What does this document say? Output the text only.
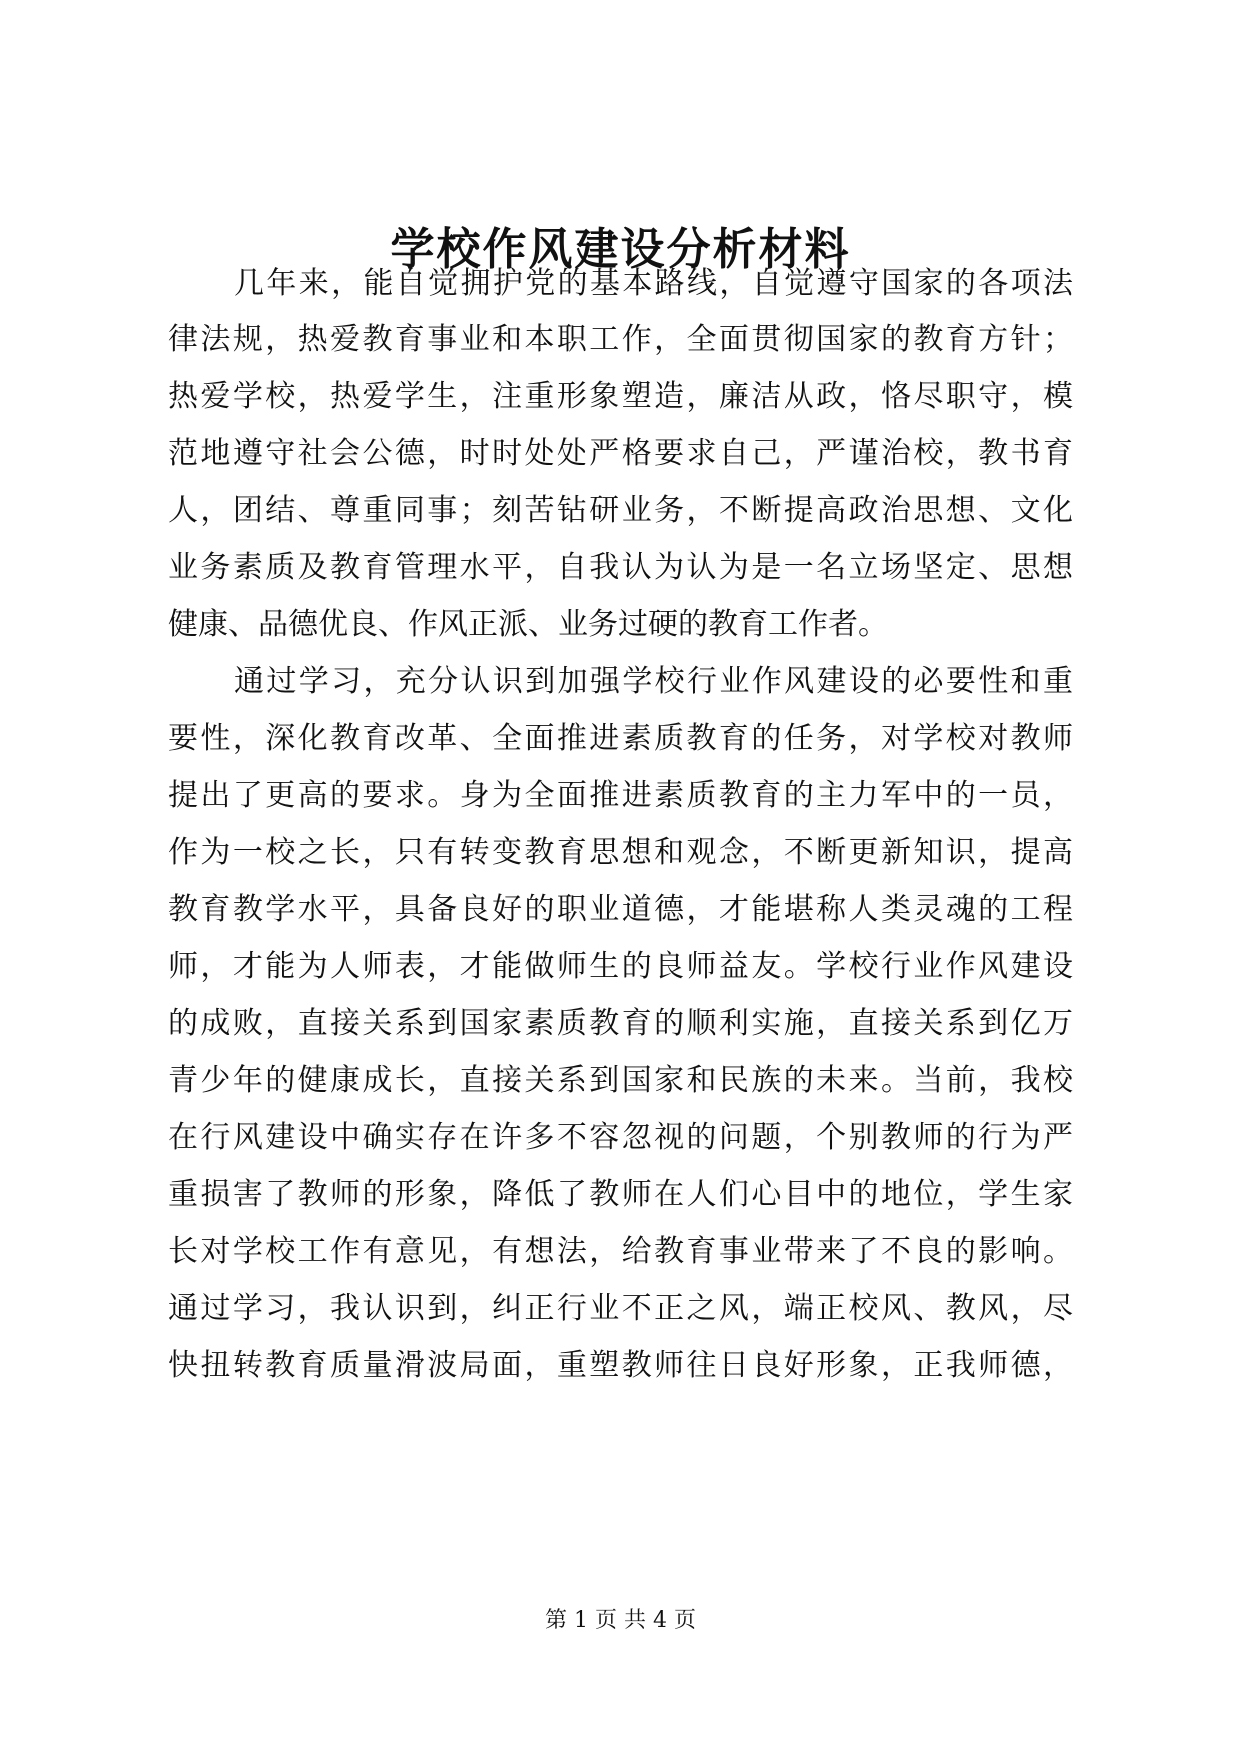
学校作风建设分析材料

几年来，能自觉拥护党的基本路线，自觉遵守国家的各项法

律法规，热爱教育事业和本职工作，全面贯彻国家的教育方针；

热爱学校，热爱学生，注重形象塑造，廉洁从政，恪尽职守，模

范地遵守社会公德，时时处处严格要求自己，严谨治校，教书育

人，团结、尊重同事；刻苦钻研业务，不断提高政治思想、文化

业务素质及教育管理水平，自我认为认为是一名立场坚定、思想

健康、品德优良、作风正派、业务过硬的教育工作者。

通过学习，充分认识到加强学校行业作风建设的必要性和重

要性，深化教育改革、全面推进素质教育的任务，对学校对教师

提出了更高的要求。身为全面推进素质教育的主力军中的一员，

作为一校之长，只有转变教育思想和观念，不断更新知识，提高

教育教学水平，具备良好的职业道德，才能堪称人类灵魂的工程

师，才能为人师表，才能做师生的良师益友。学校行业作风建设

的成败，直接关系到国家素质教育的顺利实施，直接关系到亿万

青少年的健康成长，直接关系到国家和民族的未来。当前，我校

在行风建设中确实存在许多不容忽视的问题，个别教师的行为严

重损害了教师的形象，降低了教师在人们心目中的地位，学生家

长对学校工作有意见，有想法，给教育事业带来了不良的影响。

通过学习，我认识到，纠正行业不正之风，端正校风、教风，尽

快扭转教育质量滑波局面，重塑教师往日良好形象，正我师德，

第 1 页 共 4 页
